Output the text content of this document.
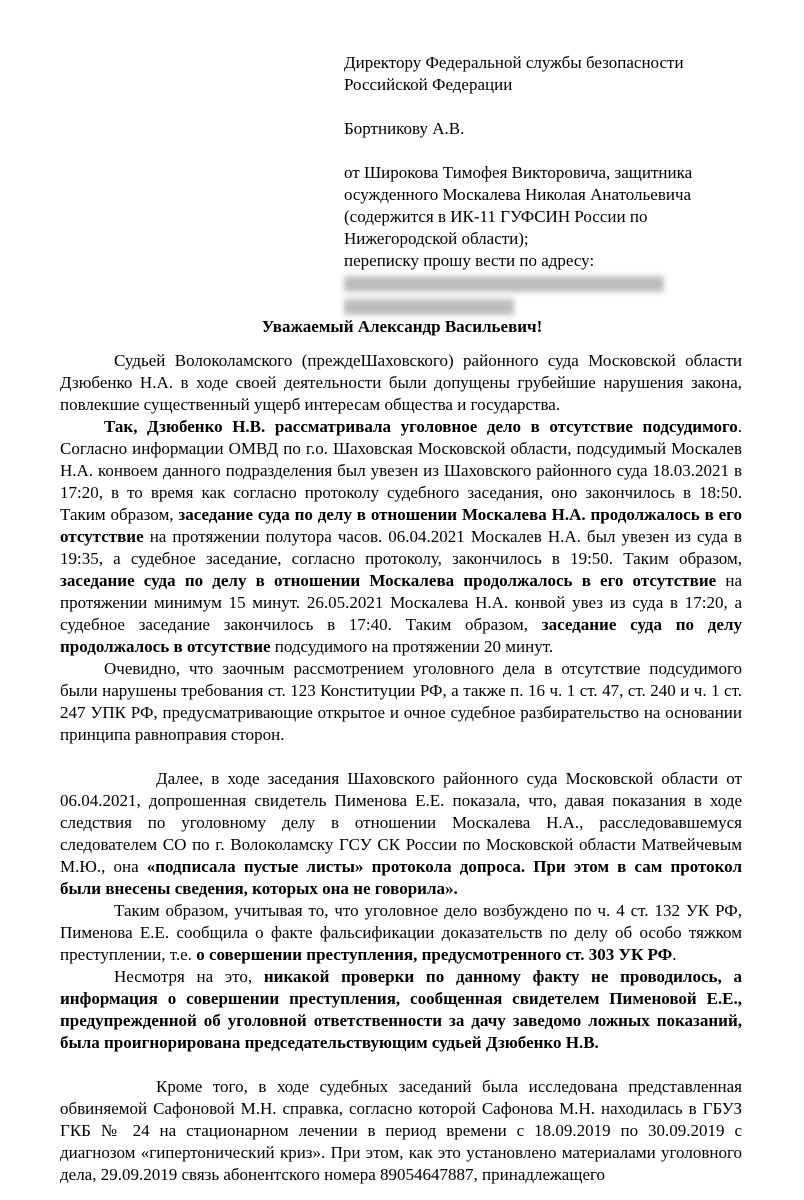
Директору Федеральной службы безопасности
Российской Федерации
Бортникову А.В.
от Широкова Тимофея Викторовича, защитника
осужденного Москалева Николая Анатольевича
(содержится в ИК-11 ГУФСИН России по
Нижегородской области);
переписку прошу вести по адресу:
Уважаемый Александр Васильевич!

Судьей Волоколамского (преждеШаховского) районного суда Московской области Дзюбенко Н.А. в ходе своей деятельности были допущены грубейшие нарушения закона, повлекшие существенный ущерб интересам общества и государства.

Так, Дзюбенко Н.В. рассматривала уголовное дело в отсутствие подсудимого. Согласно информации ОМВД по г.о. Шаховская Московской области, подсудимый Москалев Н.А. конвоем данного подразделения был увезен из Шаховского районного суда 18.03.2021 в 17:20, в то время как согласно протоколу судебного заседания, оно закончилось в 18:50. Таким образом, заседание суда по делу в отношении Москалева Н.А. продолжалось в его отсутствие на протяжении полутора часов. 06.04.2021 Москалев Н.А. был увезен из суда в 19:35, а судебное заседание, согласно протоколу, закончилось в 19:50. Таким образом, заседание суда по делу в отношении Москалева продолжалось в его отсутствие на протяжении минимум 15 минут. 26.05.2021 Москалева Н.А. конвой увез из суда в 17:20, а судебное заседание закончилось в 17:40. Таким образом, заседание суда по делу продолжалось в отсутствие подсудимого на протяжении 20 минут.

Очевидно, что заочным рассмотрением уголовного дела в отсутствие подсудимого были нарушены требования ст. 123 Конституции РФ, а также п. 16 ч. 1 ст. 47, ст. 240 и ч. 1 ст. 247 УПК РФ, предусматривающие открытое и очное судебное разбирательство на основании принципа равноправия сторон.

Далее, в ходе заседания Шаховского районного суда Московской области от 06.04.2021, допрошенная свидетель Пименова Е.Е. показала, что, давая показания в ходе следствия по уголовному делу в отношении Москалева Н.А., расследовавшемуся следователем СО по г. Волоколамску ГСУ СК России по Московской области Матвейчевым М.Ю., она «подписала пустые листы» протокола допроса. При этом в сам протокол были внесены сведения, которых она не говорила».

Таким образом, учитывая то, что уголовное дело возбуждено по ч. 4 ст. 132 УК РФ, Пименова Е.Е. сообщила о факте фальсификации доказательств по делу об особо тяжком преступлении, т.е. о совершении преступления, предусмотренного ст. 303 УК РФ.

Несмотря на это, никакой проверки по данному факту не проводилось, а информация о совершении преступления, сообщенная свидетелем Пименовой Е.Е., предупрежденной об уголовной ответственности за дачу заведомо ложных показаний, была проигнорирована председательствующим судьей Дзюбенко Н.В.

Кроме того, в ходе судебных заседаний была исследована представленная обвиняемой Сафоновой М.Н. справка, согласно которой Сафонова М.Н. находилась в ГБУЗ ГКБ № 24 на стационарном лечении в период времени с 18.09.2019 по 30.09.2019 с диагнозом «гипертонический криз». При этом, как это установлено материалами уголовного дела, 29.09.2019 связь абонентского номера 89054647887, принадлежащего
